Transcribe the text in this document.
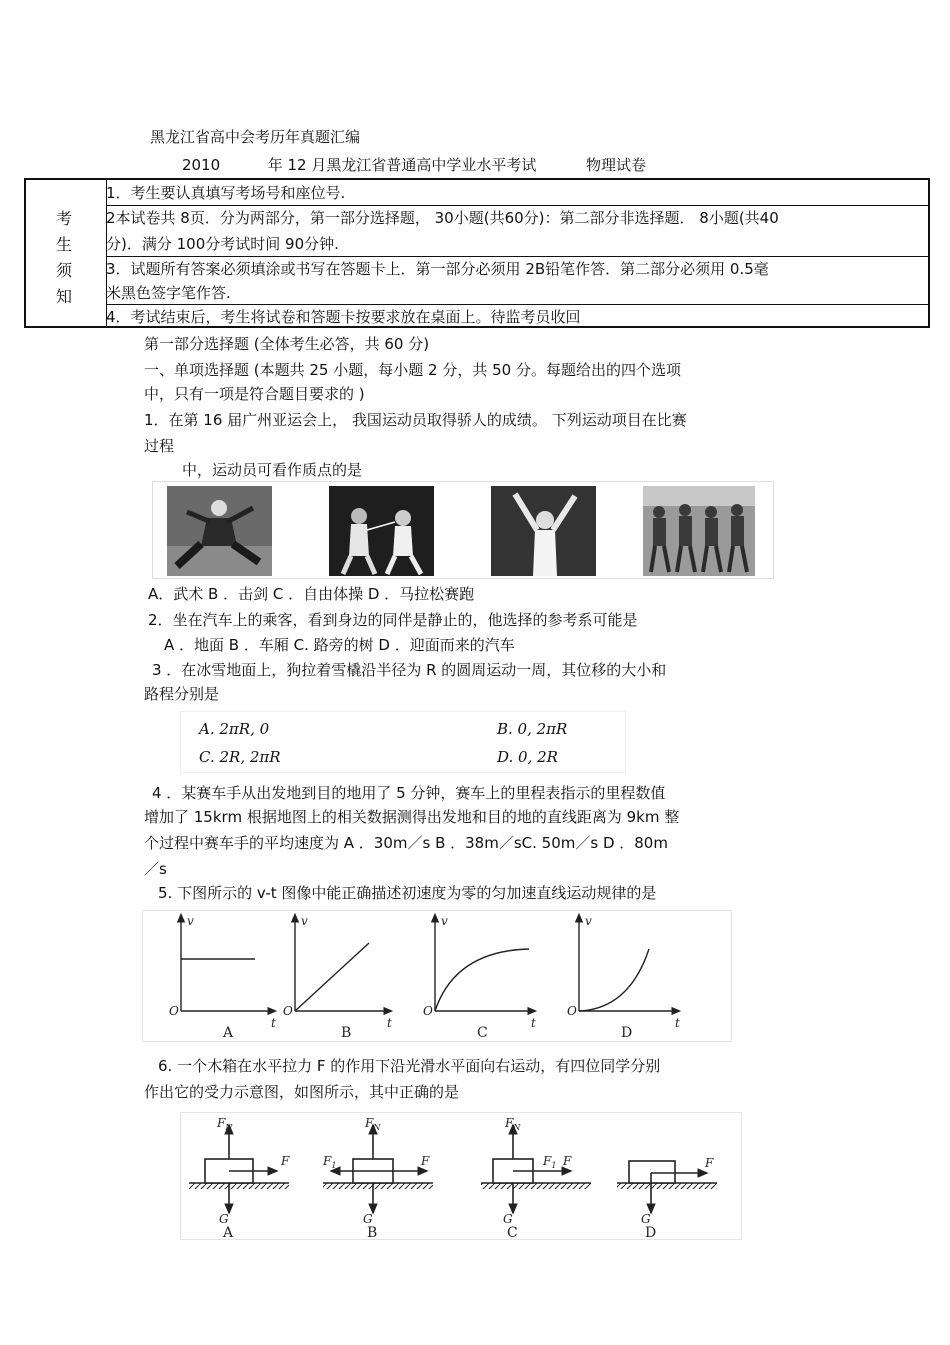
黑龙江省高中会考历年真题汇编
2010	年 12 月黑龙江省普通高中学业水平考试	物理试卷
考
生
须
知
1．考生要认真填写考场号和座位号.
2本试卷共 8页．分为两部分，第一部分选择题， 30小题(共60分)：第二部分非选择题． 8小题(共40
分)．满分 100分考试时间 90分钟.
3．试题所有答案必须填涂或书写在答题卡上．第一部分必须用 2B铅笔作答．第二部分必须用 0.5毫
米黑色签字笔作答.
4．考试结束后，考生将试卷和答题卡按要求放在桌面上。待监考员收回
第一部分选择题 (全体考生必答，共 60 分)
一、单项选择题 (本题共 25 小题，每小题 2 分，共 50 分。每题给出的四个选项
中，只有一项是符合题目要求的 )
1．在第 16 届广州亚运会上， 我国运动员取得骄人的成绩。 下列运动项目在比赛
过程
中，运动员可看作质点的是
A．武术 B ．击剑 C ．自由体操 D ．马拉松赛跑
2．坐在汽车上的乘客，看到身边的同伴是静止的，他选择的参考系可能是
A ．地面 B ．车厢 C. 路旁的树 D ．迎面而来的汽车
3 ．在冰雪地面上，狗拉着雪橇沿半径为 R 的圆周运动一周，其位移的大小和
路程分别是
A. 2πR, 0	B. 0, 2πR
C. 2R, 2πR	D. 0, 2R
4 ．某赛车手从出发地到目的地用了 5 分钟，赛车上的里程表指示的里程数值
增加了 15krm 根据地图上的相关数据测得出发地和目的地的直线距离为 9km 整
个过程中赛车手的平均速度为 A ．30m／s B ．38m／sC. 50m／s D ．80m
／s
5. 下图所示的 v-t 图像中能正确描述初速度为零的匀加速直线运动规律的是
v	v	v	v
t	t	t	t
O	O	O	O
A	B	C	D
6. 一个木箱在水平拉力 F 的作用下沿光滑水平面向右运动，有四位同学分别
作出它的受力示意图，如图所示，其中正确的是
$F_N$
F
G
$F_N$
$F_1$	F
G
$F_N$
$F_1$ F
G
F
G
A	B	C	D
